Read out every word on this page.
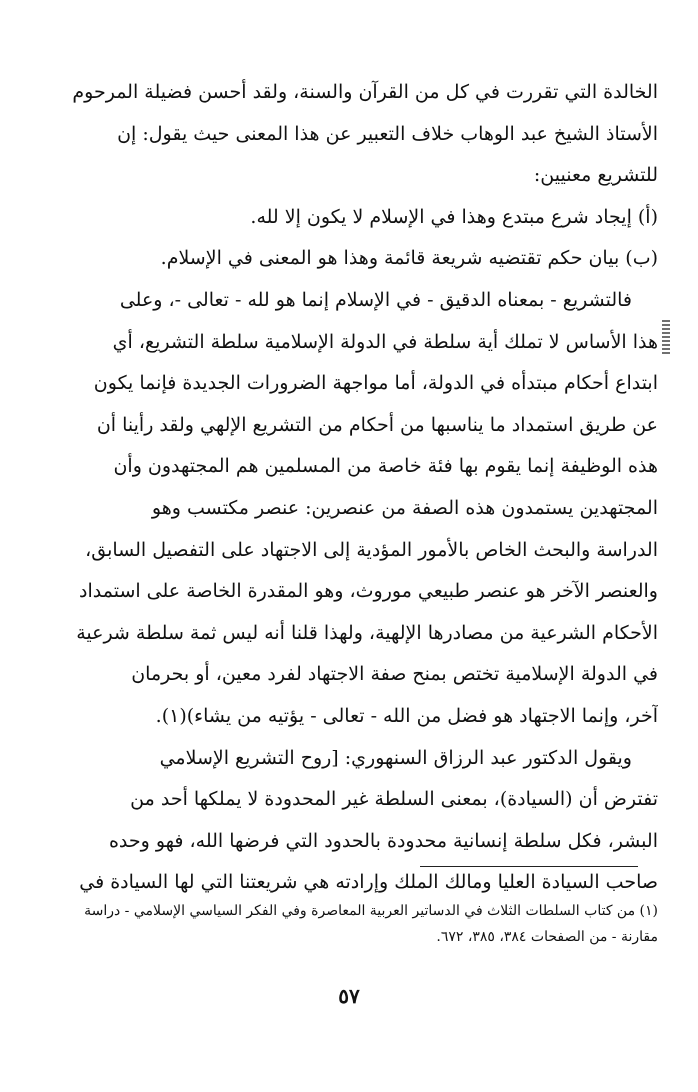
الخالدة التي تقررت في كل من القرآن والسنة، ولقد أحسن فضيلة المرحوم
الأستاذ الشيخ عبد الوهاب خلاف التعبير عن هذا المعنى حيث يقول: إن
للتشريع معنيين:
(أ) إيجاد شرع مبتدع وهذا في الإسلام لا يكون إلا لله.
(ب) بيان حكم تقتضيه شريعة قائمة وهذا هو المعنى في الإسلام.
فالتشريع - بمعناه الدقيق - في الإسلام إنما هو لله - تعالى -، وعلى
هذا الأساس لا تملك أية سلطة في الدولة الإسلامية سلطة التشريع، أي
ابتداع أحكام مبتدأه في الدولة، أما مواجهة الضرورات الجديدة فإنما يكون
عن طريق استمداد ما يناسبها من أحكام من التشريع الإلهي ولقد رأينا أن
هذه الوظيفة إنما يقوم بها فئة خاصة من المسلمين هم المجتهدون وأن
المجتهدين يستمدون هذه الصفة من عنصرين: عنصر مكتسب وهو
الدراسة والبحث الخاص بالأمور المؤدية إلى الاجتهاد على التفصيل السابق،
والعنصر الآخر هو عنصر طبيعي موروث، وهو المقدرة الخاصة على استمداد
الأحكام الشرعية من مصادرها الإلهية، ولهذا قلنا أنه ليس ثمة سلطة شرعية
في الدولة الإسلامية تختص بمنح صفة الاجتهاد لفرد معين، أو بحرمان
آخر، وإنما الاجتهاد هو فضل من الله - تعالى - يؤتيه من يشاء)(١).
ويقول الدكتور عبد الرزاق السنهوري: [روح التشريع الإسلامي
تفترض أن (السيادة)، بمعنى السلطة غير المحدودة لا يملكها أحد من
البشر، فكل سلطة إنسانية محدودة بالحدود التي فرضها الله، فهو وحده
صاحب السيادة العليا ومالك الملك وإرادته هي شريعتنا التي لها السيادة في
(١) من كتاب السلطات الثلاث في الدساتير العربية المعاصرة وفي الفكر السياسي الإسلامي - دراسة
مقارنة - من الصفحات ٣٨٤، ٣٨٥، ٦٧٢.
٥٧
